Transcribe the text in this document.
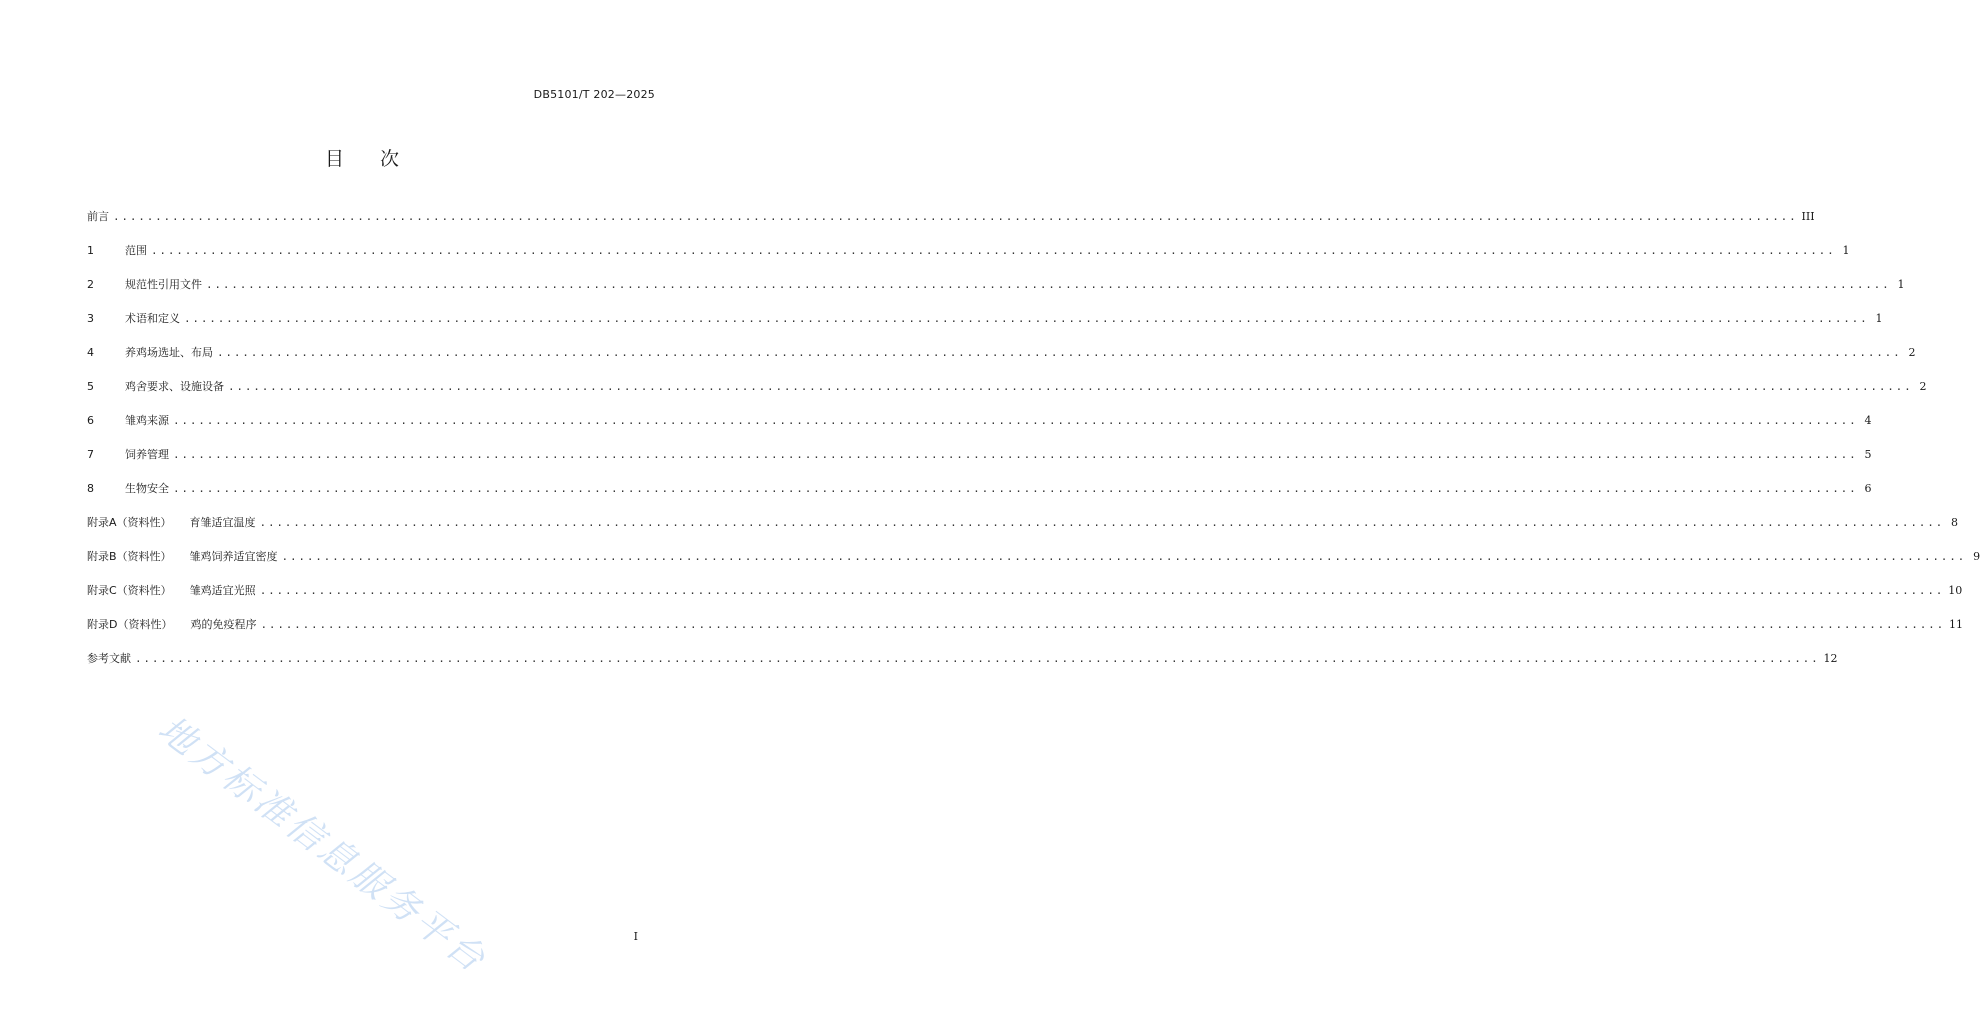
DB5101/T 202—2025
目次
前言 ........................................................................................................................................................................................................ III
1	范围 ........................................................................................................................................................................................................ 1
2	规范性引用文件 ........................................................................................................................................................................................................ 1
3	术语和定义 ........................................................................................................................................................................................................ 1
4	养鸡场选址、布局 ........................................................................................................................................................................................................ 2
5	鸡舍要求、设施设备 ........................................................................................................................................................................................................ 2
6	雏鸡来源 ........................................................................................................................................................................................................ 4
7	饲养管理 ........................................................................................................................................................................................................ 5
8	生物安全 ........................................................................................................................................................................................................ 6
附录A（资料性） 育雏适宜温度 ........................................................................................................................................................................................................ 8
附录B（资料性） 雏鸡饲养适宜密度 ........................................................................................................................................................................................................ 9
附录C（资料性） 雏鸡适宜光照 ........................................................................................................................................................................................................ 10
附录D（资料性） 鸡的免疫程序 ........................................................................................................................................................................................................ 11
参考文献 ........................................................................................................................................................................................................ 12
地方标准信息服务平台	I
